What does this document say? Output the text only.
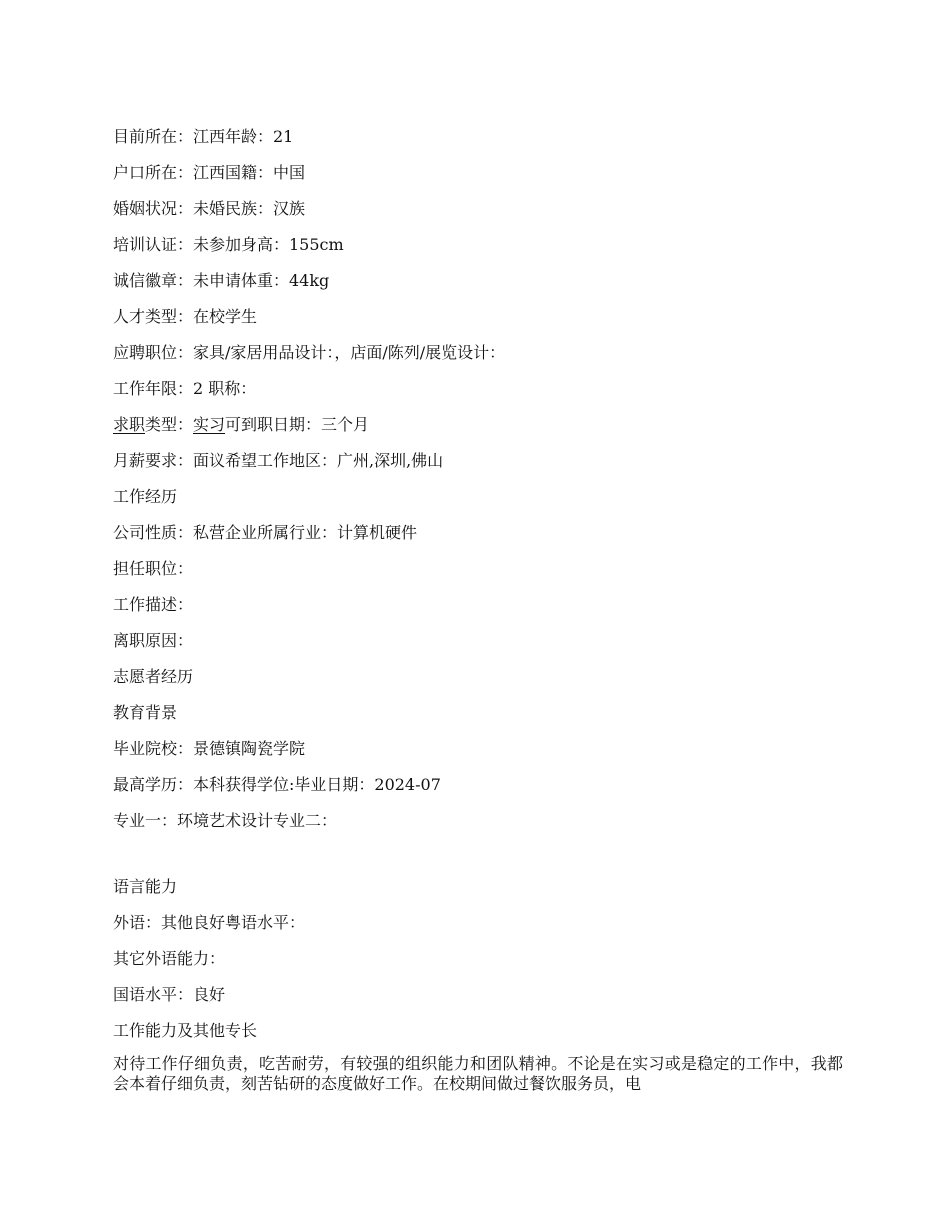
目前所在：江西年龄：21
户口所在：江西国籍：中国
婚姻状况：未婚民族：汉族
培训认证：未参加身高：155cm
诚信徽章：未申请体重：44kg
人才类型：在校学生
应聘职位：家具/家居用品设计：，店面/陈列/展览设计：
工作年限：2 职称：
求职类型：实习可到职日期：三个月
月薪要求：面议希望工作地区：广州,深圳,佛山
工作经历
公司性质：私营企业所属行业：计算机硬件
担任职位：
工作描述：
离职原因：
志愿者经历
教育背景
毕业院校：景德镇陶瓷学院
最高学历：本科获得学位:毕业日期：2024-07
专业一：环境艺术设计专业二：
语言能力
外语：其他良好粤语水平：
其它外语能力：
国语水平：良好
工作能力及其他专长
对待工作仔细负责，吃苦耐劳，有较强的组织能力和团队精神。不论是在实习或是稳定的工作中，我都会本着仔细负责，刻苦钻研的态度做好工作。在校期间做过餐饮服务员，电
